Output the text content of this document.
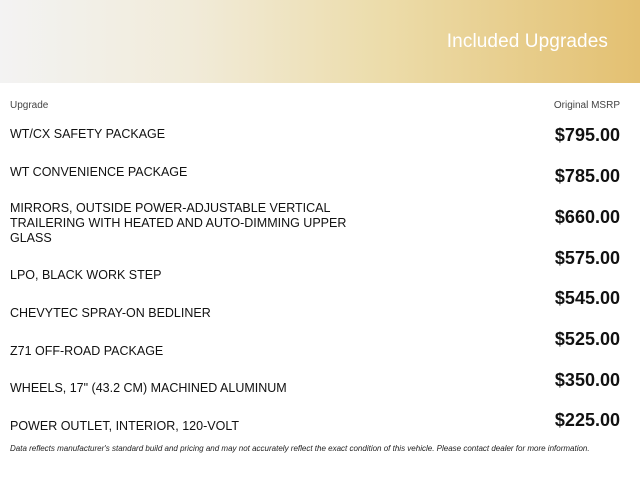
Included Upgrades
Upgrade	Original MSRP
WT/CX SAFETY PACKAGE
WT CONVENIENCE PACKAGE
MIRRORS, OUTSIDE POWER-ADJUSTABLE VERTICAL TRAILERING WITH HEATED AND AUTO-DIMMING UPPER GLASS
LPO, BLACK WORK STEP
CHEVYTEC SPRAY-ON BEDLINER
Z71 OFF-ROAD PACKAGE
WHEELS, 17" (43.2 CM) MACHINED ALUMINUM
POWER OUTLET, INTERIOR, 120-VOLT
$795.00
$785.00
$660.00
$575.00
$545.00
$525.00
$350.00
$225.00
Data reflects manufacturer's standard build and pricing and may not accurately reflect the exact condition of this vehicle. Please contact dealer for more information.
